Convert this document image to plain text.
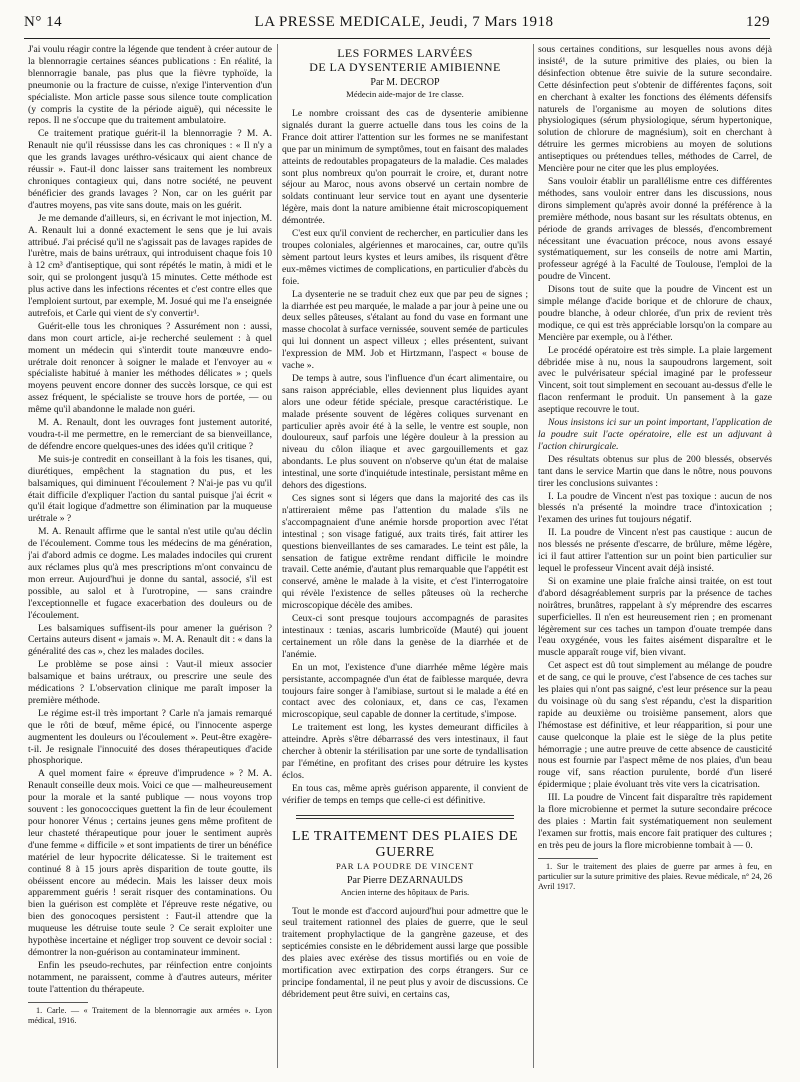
N° 14	LA PRESSE MEDICALE, Jeudi, 7 Mars 1918	129

J'ai voulu réagir contre la légende que tendent à créer autour de la blennorragie certaines séances publications : En réalité, la blennorragie banale, pas plus que la fièvre typhoïde, la pneumonie ou la fracture de cuisse, n'exige l'intervention d'un spécialiste. Mon article passe sous silence toute complication (y compris la cystite de la période aiguë), qui nécessite le repos. Il ne s'occupe que du traitement ambulatoire.

Ce traitement pratique guérit-il la blennorragie ? M. A. Renault nie qu'il réussisse dans les cas chroniques : « Il n'y a que les grands lavages uréthro-vésicaux qui aient chance de réussir ». Faut-il donc laisser sans traitement les nombreux chroniques contagieux qui, dans notre société, ne peuvent bénéficier des grands lavages ? Non, car on les guérit par d'autres moyens, pas vite sans doute, mais on les guérit.

Je me demande d'ailleurs, si, en écrivant le mot injection, M. A. Renault lui a donné exactement le sens que je lui avais attribué. J'ai précisé qu'il ne s'agissait pas de lavages rapides de l'urètre, mais de bains urétraux, qui introduisent chaque fois 10 à 12 cm³ d'antiseptique, qui sont répétés le matin, à midi et le soir, qui se prolongent jusqu'à 15 minutes. Cette méthode est plus active dans les infections récentes et c'est contre elles que l'emploient surtout, par exemple, M. Josué qui me l'a enseignée autrefois, et Carle qui vient de s'y convertir¹.

Guérit-elle tous les chroniques ? Assurément non : aussi, dans mon court article, ai-je recherché seulement : à quel moment un médecin qui s'interdit toute manœuvre endo-urétrale doit renoncer à soigner le malade et l'envoyer au « spécialiste habitué à manier les méthodes délicates » ; quels moyens peuvent encore donner des succès lorsque, ce qui est assez fréquent, le spécialiste se trouve hors de portée, — ou même qu'il abandonne le malade non guéri.

M. A. Renault, dont les ouvrages font justement autorité, voudra-t-il me permettre, en le remerciant de sa bienveillance, de défendre encore quelques-unes des idées qu'il critique ?

Me suis-je contredit en conseillant à la fois les tisanes, qui, diurétiques, empêchent la stagnation du pus, et les balsamiques, qui diminuent l'écoulement ? N'ai-je pas vu qu'il était difficile d'expliquer l'action du santal puisque j'ai écrit « qu'il était logique d'admettre son élimination par la muqueuse urétrale » ?

M. A. Renault affirme que le santal n'est utile qu'au déclin de l'écoulement. Comme tous les médecins de ma génération, j'ai d'abord admis ce dogme. Les malades indociles qui crurent aux réclames plus qu'à mes prescriptions m'ont convaincu de mon erreur. Aujourd'hui je donne du santal, associé, s'il est possible, au salol et à l'urotropine, — sans craindre l'exceptionnelle et fugace exacerbation des douleurs ou de l'écoulement.

Les balsamiques suffisent-ils pour amener la guérison ? Certains auteurs disent « jamais ». M. A. Renault dit : « dans la généralité des cas », chez les malades dociles.

Le problème se pose ainsi : Vaut-il mieux associer balsamique et bains urétraux, ou prescrire une seule des médications ? L'observation clinique me paraît imposer la première méthode.

Le régime est-il très important ? Carle n'a jamais remarqué que le rôti de bœuf, même épicé, ou l'innocente asperge augmentent les douleurs ou l'écoulement ». Peut-être exagère-t-il. Je resignale l'innocuité des doses thérapeutiques d'acide phosphorique.

A quel moment faire « épreuve d'imprudence » ? M. A. Renault conseille deux mois. Voici ce que — malheureusement pour la morale et la santé publique — nous voyons trop souvent : les gonococciques guettent la fin de leur écoulement pour honorer Vénus ; certains jeunes gens même profitent de leur chasteté thérapeutique pour jouer le sentiment auprès d'une femme « difficile » et sont impatients de tirer un bénéfice matériel de leur hypocrite délicatesse. Si le traitement est continué 8 à 15 jours après disparition de toute goutte, ils obéissent encore au médecin. Mais les laisser deux mois apparemment guéris ! serait risquer des contaminations. Ou bien la guérison est complète et l'épreuve reste négative, ou bien des gonocoques persistent : Faut-il attendre que la muqueuse les détruise toute seule ? Ce serait exploiter une hypothèse incertaine et négliger trop souvent ce devoir social : démontrer la non-guérison au contaminateur imminent.

Enfin les pseudo-rechutes, par réinfection entre conjoints notamment, ne paraissent, comme à d'autres auteurs, mériter toute l'attention du thérapeute.

1. Carle. — « Traitement de la blennorragie aux armées ». Lyon médical, 1916.

LES FORMES LARVÉES
DE LA DYSENTERIE AMIBIENNE
Par M. DECROP
Médecin aide-major de 1re classe.

Le nombre croissant des cas de dysenterie amibienne signalés durant la guerre actuelle dans tous les coins de la France doit attirer l'attention sur les formes ne se manifestant que par un minimum de symptômes, tout en faisant des malades atteints de redoutables propagateurs de la maladie. Ces malades sont plus nombreux qu'on pourrait le croire, et, durant notre séjour au Maroc, nous avons observé un certain nombre de soldats continuant leur service tout en ayant une dysenterie légère, mais dont la nature amibienne était microscopiquement démontrée.

C'est eux qu'il convient de rechercher, en particulier dans les troupes coloniales, algériennes et marocaines, car, outre qu'ils sèment partout leurs kystes et leurs amibes, ils risquent d'être eux-mêmes victimes de complications, en particulier d'abcès du foie.

La dysenterie ne se traduit chez eux que par peu de signes ; la diarrhée est peu marquée, le malade a par jour à peine une ou deux selles pâteuses, s'étalant au fond du vase en formant une masse chocolat à surface vernissée, souvent semée de particules qui lui donnent un aspect villeux ; elles présentent, suivant l'expression de MM. Job et Hirtzmann, l'aspect « bouse de vache ».

De temps à autre, sous l'influence d'un écart alimentaire, ou sans raison appréciable, elles deviennent plus liquides ayant alors une odeur fétide spéciale, presque caractéristique. Le malade présente souvent de légères coliques survenant en particulier après avoir été à la selle, le ventre est souple, non douloureux, sauf parfois une légère douleur à la pression au niveau du côlon iliaque et avec gargouillements et gaz abondants. Le plus souvent on n'observe qu'un état de malaise intestinal, une sorte d'inquiétude intestinale, persistant même en dehors des digestions.

Ces signes sont si légers que dans la majorité des cas ils n'attireraient même pas l'attention du malade s'ils ne s'accompagnaient d'une anémie horsde proportion avec l'état intestinal ; son visage fatigué, aux traits tirés, fait attirer les questions bienveillantes de ses camarades. Le teint est pâle, la sensation de fatigue extrême rendant difficile le moindre travail. Cette anémie, d'autant plus remarquable que l'appétit est conservé, amène le malade à la visite, et c'est l'interrogatoire qui révèle l'existence de selles pâteuses où la recherche microscopique décèle des amibes.

Ceux-ci sont presque toujours accompagnés de parasites intestinaux : tænias, ascaris lumbricoïde (Mauté) qui jouent certainement un rôle dans la genèse de la diarrhée et de l'anémie.

En un mot, l'existence d'une diarrhée même légère mais persistante, accompagnée d'un état de faiblesse marquée, devra toujours faire songer à l'amibiase, surtout si le malade a été en contact avec des coloniaux, et, dans ce cas, l'examen microscopique, seul capable de donner la certitude, s'impose.

Le traitement est long, les kystes demeurant difficiles à atteindre. Après s'être débarrassé des vers intestinaux, il faut chercher à obtenir la stérilisation par une sorte de tyndallisation par l'émétine, en profitant des crises pour détruire les kystes éclos.

En tous cas, même après guérison apparente, il convient de vérifier de temps en temps que celle-ci est définitive.

LE TRAITEMENT DES PLAIES DE GUERRE
PAR LA POUDRE DE VINCENT
Par Pierre DEZARNAULDS
Ancien interne des hôpitaux de Paris.

Tout le monde est d'accord aujourd'hui pour admettre que le seul traitement rationnel des plaies de guerre, que le seul traitement prophylactique de la gangrène gazeuse, et des septicémies consiste en le débridement aussi large que possible des plaies avec exérèse des tissus mortifiés ou en voie de mortification avec extirpation des corps étrangers. Sur ce principe fondamental, il ne peut plus y avoir de discussions. Ce débridement peut être suivi, en certains cas,

sous certaines conditions, sur lesquelles nous avons déjà insisté¹, de la suture primitive des plaies, ou bien la désinfection obtenue être suivie de la suture secondaire. Cette désinfection peut s'obtenir de différentes façons, soit en cherchant à exalter les fonctions des éléments défensifs naturels de l'organisme au moyen de solutions dites physiologiques (sérum physiologique, sérum hypertonique, solution de chlorure de magnésium), soit en cherchant à détruire les germes microbiens au moyen de solutions antiseptiques ou prétendues telles, méthodes de Carrel, de Mencière pour ne citer que les plus employées.

Sans vouloir établir un parallélisme entre ces différentes méthodes, sans vouloir entrer dans les discussions, nous dirons simplement qu'après avoir donné la préférence à la première méthode, nous basant sur les résultats obtenus, en période de grands arrivages de blessés, d'encombrement nécessitant une évacuation précoce, nous avons essayé systématiquement, sur les conseils de notre ami Martin, professeur agrégé à la Faculté de Toulouse, l'emploi de la poudre de Vincent.

Disons tout de suite que la poudre de Vincent est un simple mélange d'acide borique et de chlorure de chaux, poudre blanche, à odeur chlorée, d'un prix de revient très modique, ce qui est très appréciable lorsqu'on la compare au Mencière par exemple, ou à l'éther.

Le procédé opératoire est très simple. La plaie largement débridée mise à nu, nous la saupoudrons largement, soit avec le pulvérisateur spécial imaginé par le professeur Vincent, soit tout simplement en secouant au-dessus d'elle le flacon renfermant le produit. Un pansement à la gaze aseptique recouvre le tout.

Nous insistons ici sur un point important, l'application de la poudre suit l'acte opératoire, elle est un adjuvant à l'action chirurgicale.

Des résultats obtenus sur plus de 200 blessés, observés tant dans le service Martin que dans le nôtre, nous pouvons tirer les conclusions suivantes :

I. La poudre de Vincent n'est pas toxique : aucun de nos blessés n'a présenté la moindre trace d'intoxication ; l'examen des urines fut toujours négatif.

II. La poudre de Vincent n'est pas caustique : aucun de nos blessés ne présente d'escarre, de brûlure, même légère, ici il faut attirer l'attention sur un point bien particulier sur lequel le professeur Vincent avait déjà insisté.

Si on examine une plaie fraîche ainsi traitée, on est tout d'abord désagréablement surpris par la présence de taches noirâtres, brunâtres, rappelant à s'y méprendre des escarres superficielles. Il n'en est heureusement rien ; en promenant légèrement sur ces taches un tampon d'ouate trempée dans l'eau oxygénée, vous les faites aisément disparaître et le muscle apparaît rouge vif, bien vivant.

Cet aspect est dû tout simplement au mélange de poudre et de sang, ce qui le prouve, c'est l'absence de ces taches sur les plaies qui n'ont pas saigné, c'est leur présence sur la peau du voisinage où du sang s'est répandu, c'est la disparition rapide au deuxième ou troisième pansement, alors que l'hémostase est définitive, et leur réapparition, si pour une cause quelconque la plaie est le siège de la plus petite hémorragie ; une autre preuve de cette absence de causticité nous est fournie par l'aspect même de nos plaies, d'un beau rouge vif, sans réaction purulente, bordé d'un liseré épidermique ; plaie évoluant très vite vers la cicatrisation.

III. La poudre de Vincent fait disparaître très rapidement la flore microbienne et permet la suture secondaire précoce des plaies : Martin fait systématiquement non seulement l'examen sur frottis, mais encore fait pratiquer des cultures ; en très peu de jours la flore microbienne tombait à — 0.

1. Sur le traitement des plaies de guerre par armes à feu, en particulier sur la suture primitive des plaies. Revue médicale, n° 24, 26 Avril 1917.
